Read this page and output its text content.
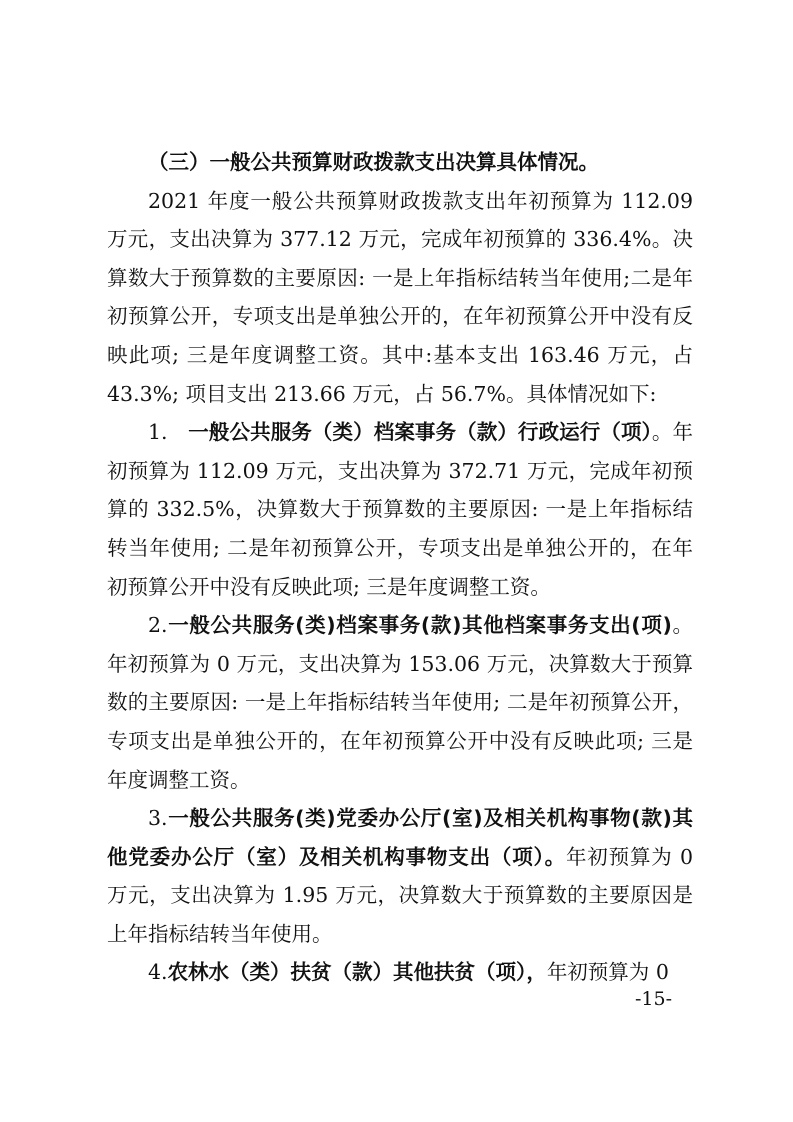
（三）一般公共预算财政拨款支出决算具体情况。

2021 年度一般公共预算财政拨款支出年初预算为 112.09 万元，支出决算为 377.12 万元，完成年初预算的 336.4%。决算数大于预算数的主要原因: 一是上年指标结转当年使用;二是年初预算公开，专项支出是单独公开的，在年初预算公开中没有反映此项; 三是年度调整工资。其中:基本支出 163.46 万元，占 43.3%; 项目支出 213.66 万元，占 56.7%。具体情况如下:

1.　一般公共服务（类）档案事务（款）行政运行（项）。年初预算为 112.09 万元，支出决算为 372.71 万元，完成年初预算的 332.5%，决算数大于预算数的主要原因: 一是上年指标结转当年使用; 二是年初预算公开，专项支出是单独公开的，在年初预算公开中没有反映此项; 三是年度调整工资。

2.一般公共服务(类)档案事务(款)其他档案事务支出(项)。年初预算为 0 万元，支出决算为 153.06 万元，决算数大于预算数的主要原因: 一是上年指标结转当年使用; 二是年初预算公开，专项支出是单独公开的，在年初预算公开中没有反映此项; 三是年度调整工资。

3.一般公共服务(类)党委办公厅(室)及相关机构事物(款)其他党委办公厅（室）及相关机构事物支出（项）。年初预算为 0 万元，支出决算为 1.95 万元，决算数大于预算数的主要原因是上年指标结转当年使用。

4.农林水（类）扶贫（款）其他扶贫（项），年初预算为 0

-15-
